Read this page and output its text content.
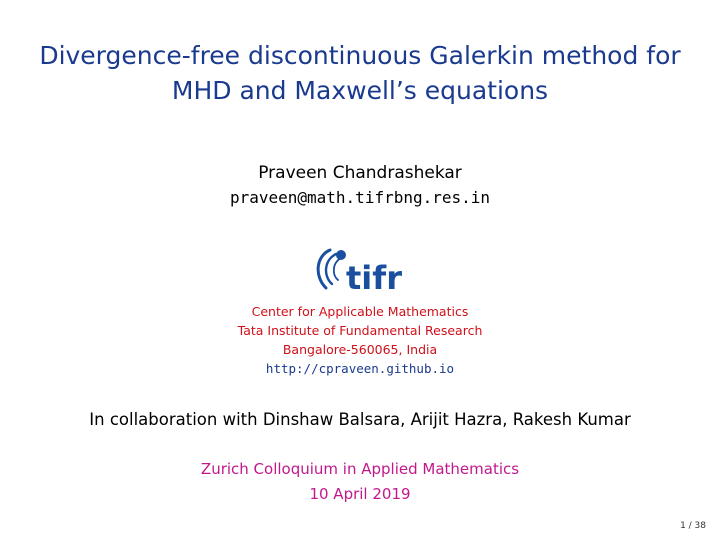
Divergence-free discontinuous Galerkin method for
MHD and Maxwell’s equations
Praveen Chandrashekar
praveen@math.tifrbng.res.in
tifr
Center for Applicable Mathematics
Tata Institute of Fundamental Research
Bangalore-560065, India
http://cpraveen.github.io
In collaboration with Dinshaw Balsara, Arijit Hazra, Rakesh Kumar
Zurich Colloquium in Applied Mathematics
10 April 2019
1 / 38
